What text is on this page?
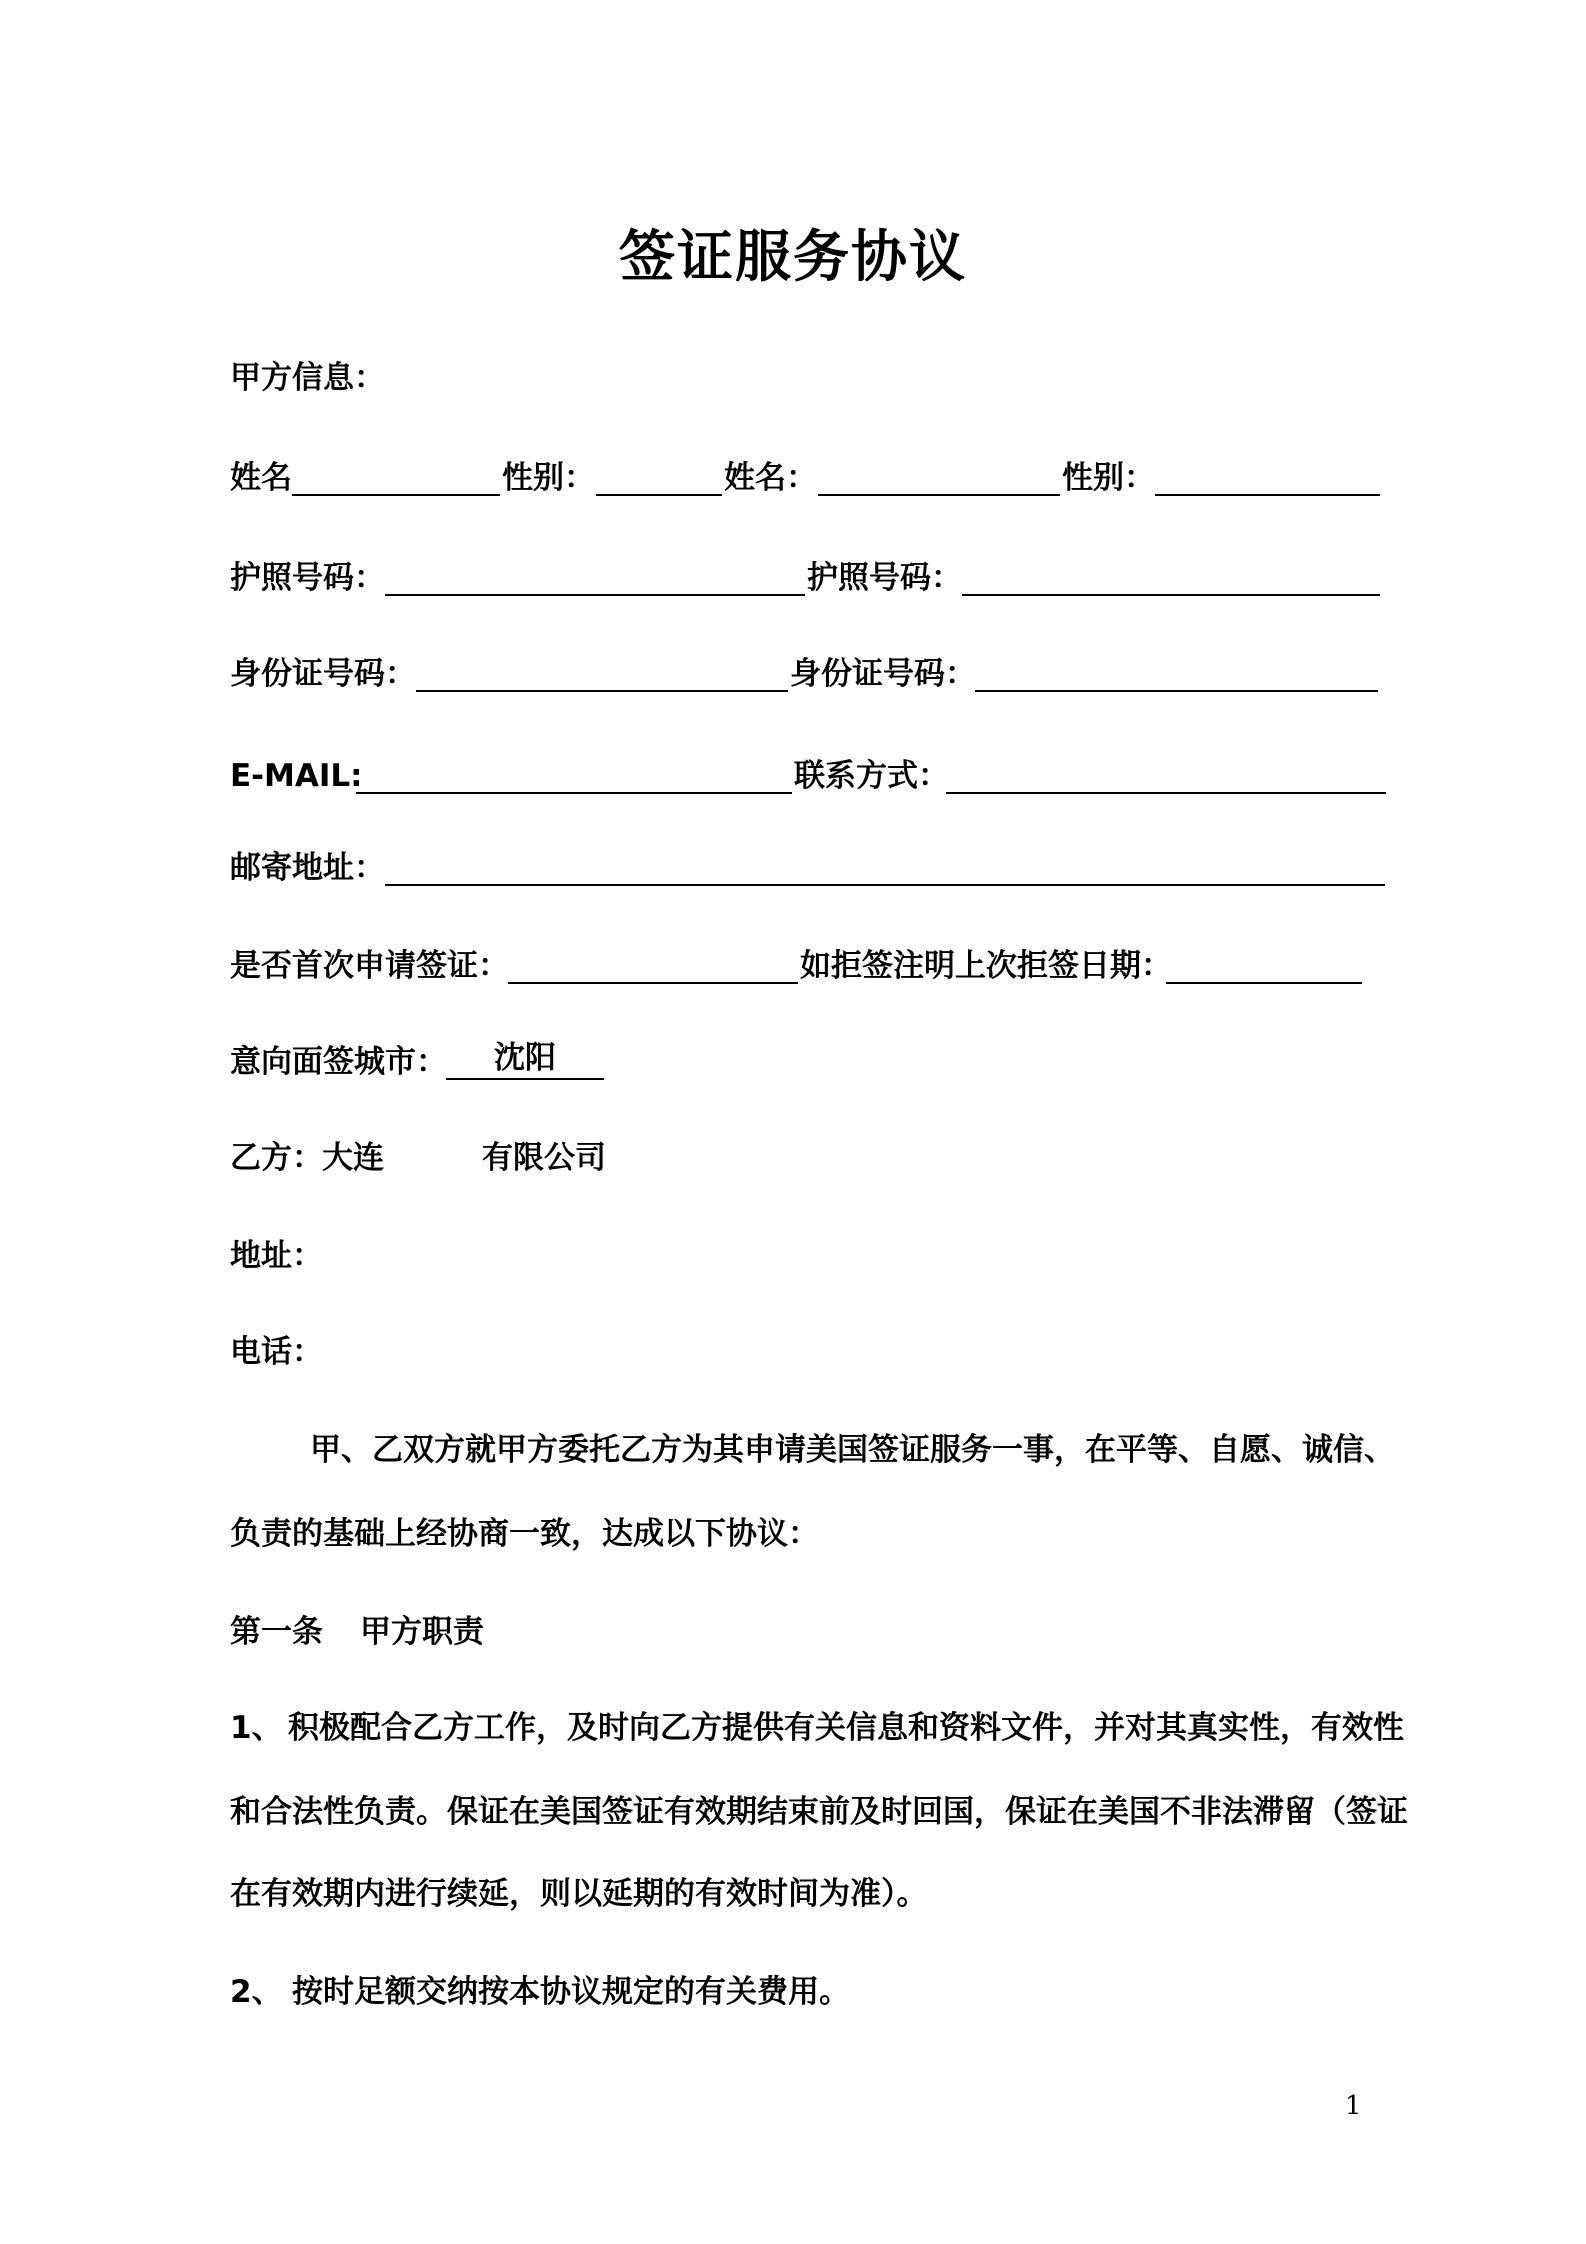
签证服务协议
甲方信息：
姓名	性别：	姓名：	性别：
护照号码：	护照号码：
身份证号码：	身份证号码：
E-MAIL:	联系方式：
邮寄地址：
是否首次申请签证：	如拒签注明上次拒签日期：
意向面签城市：	沈阳
乙方： 大连	有限公司
地址：
电话：
甲、乙双方就甲方委托乙方为其申请美国签证服务一事，在平等、自愿、诚信、
负责的基础上经协商一致，达成以下协议：
第一条 甲方职责
1、 积极配合乙方工作，及时向乙方提供有关信息和资料文件，并对其真实性，有效性
和合法性负责。保证在美国签证有效期结束前及时回国，保证在美国不非法滞留（签证
在有效期内进行续延，则以延期的有效时间为准）。
2、 按时足额交纳按本协议规定的有关费用。
1
